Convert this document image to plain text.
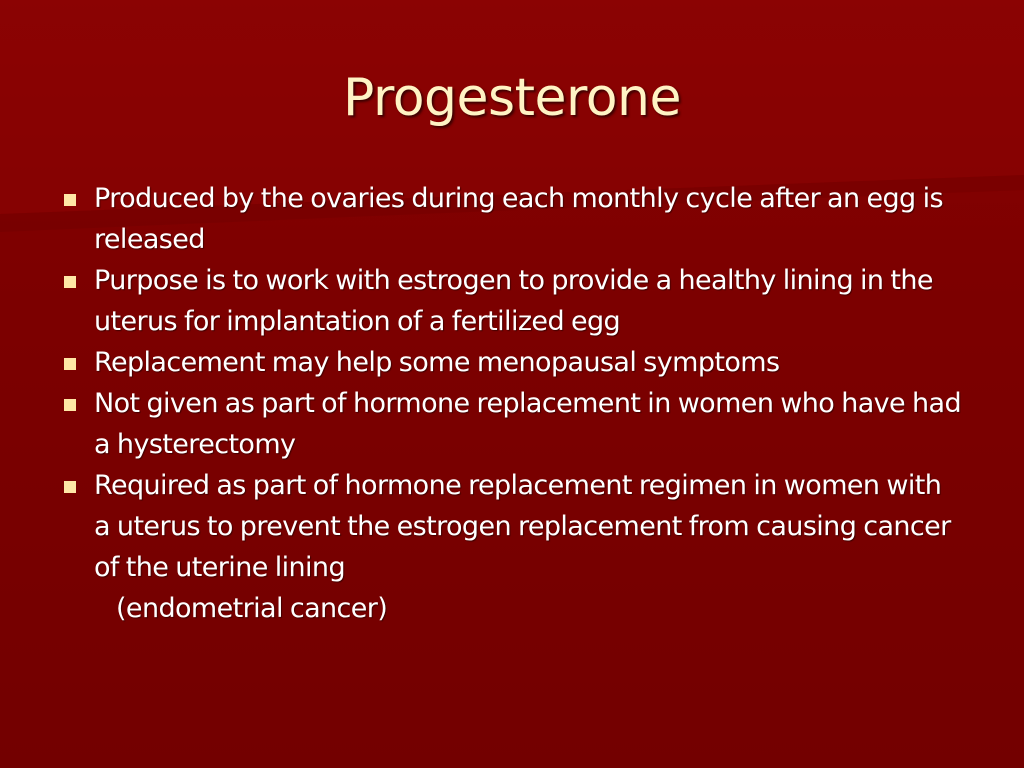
Progesterone
Produced by the ovaries during each monthly cycle after an egg is released
Purpose is to work with estrogen to provide a healthy lining in the uterus for implantation of a fertilized egg
Replacement may help some menopausal symptoms
Not given as part of hormone replacement in women who have had a hysterectomy
Required as part of hormone replacement regimen in women with a uterus to prevent the estrogen replacement from causing cancer of the uterine lining
(endometrial cancer)
